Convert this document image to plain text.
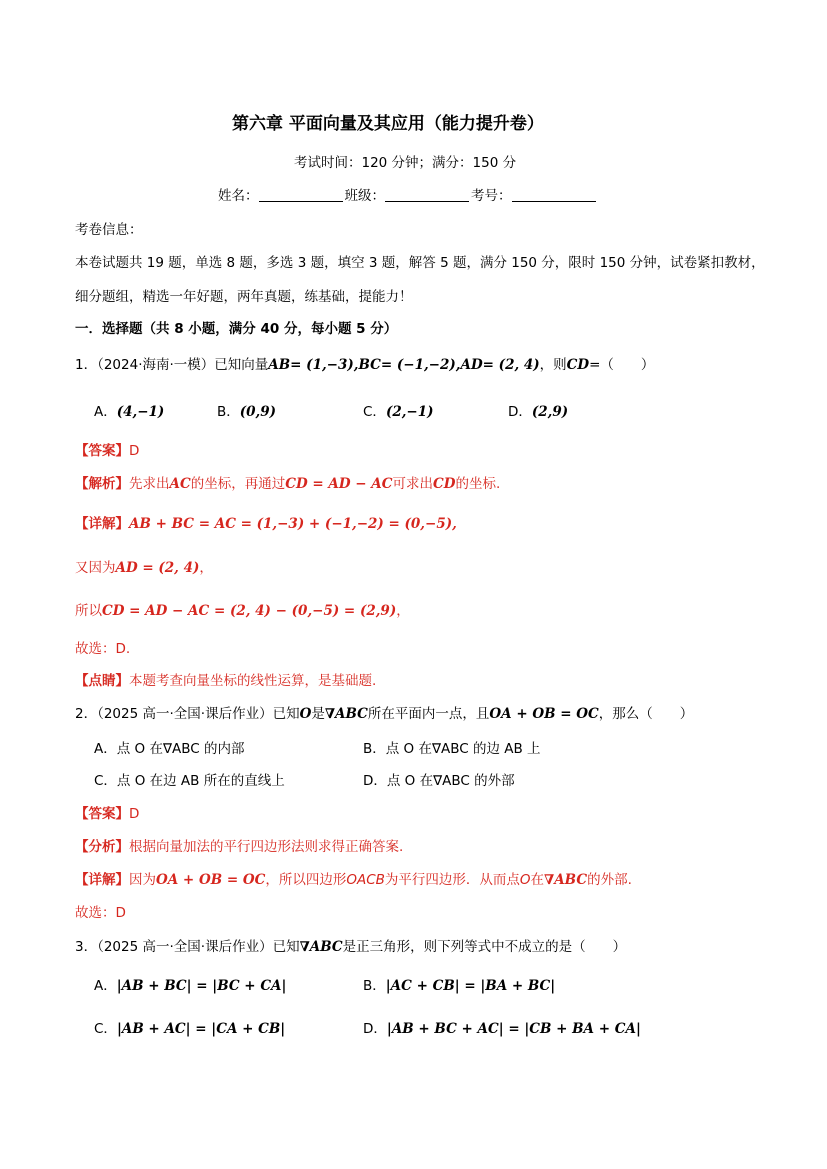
第六章 平面向量及其应用（能力提升卷）
考试时间：120 分钟；满分：150 分
姓名：	班级：	考号：
考卷信息：
本卷试题共 19 题，单选 8 题，多选 3 题，填空 3 题，解答 5 题，满分 150 分，限时 150 分钟，试卷紧扣教材，
细分题组，精选一年好题，两年真题，练基础，提能力！
一．选择题（共 8 小题，满分 40 分，每小题 5 分）
1．（2024·海南·一模）已知向量AB= (1,−3),BC= (−1,−2),AD= (2, 4)，则CD=（　　）
A．(4,−1)	B．(0,9)	C．(2,−1)	D．(2,9)
【答案】D
【解析】先求出AC的坐标，再通过CD = AD − AC可求出CD的坐标.
【详解】AB + BC = AC = (1,−3) + (−1,−2) = (0,−5),
又因为AD = (2, 4)，
所以CD = AD − AC = (2, 4) − (0,−5) = (2,9)，
故选：D.
【点睛】本题考查向量坐标的线性运算，是基础题.
2．（2025 高一·全国·课后作业）已知O是∇ABC所在平面内一点，且OA + OB = OC，那么（　　）
A．点 O 在∇ABC 的内部	B．点 O 在∇ABC 的边 AB 上
C．点 O 在边 AB 所在的直线上	D．点 O 在∇ABC 的外部
【答案】D
【分析】根据向量加法的平行四边形法则求得正确答案.
【详解】因为OA + OB = OC，所以四边形OACB为平行四边形．从而点O在∇ABC的外部.
故选：D
3．（2025 高一·全国·课后作业）已知∇ABC是正三角形，则下列等式中不成立的是（　　）
A．|AB + BC| = |BC + CA|	B．|AC + CB| = |BA + BC|
C．|AB + AC| = |CA + CB|	D．|AB + BC + AC| = |CB + BA + CA|
